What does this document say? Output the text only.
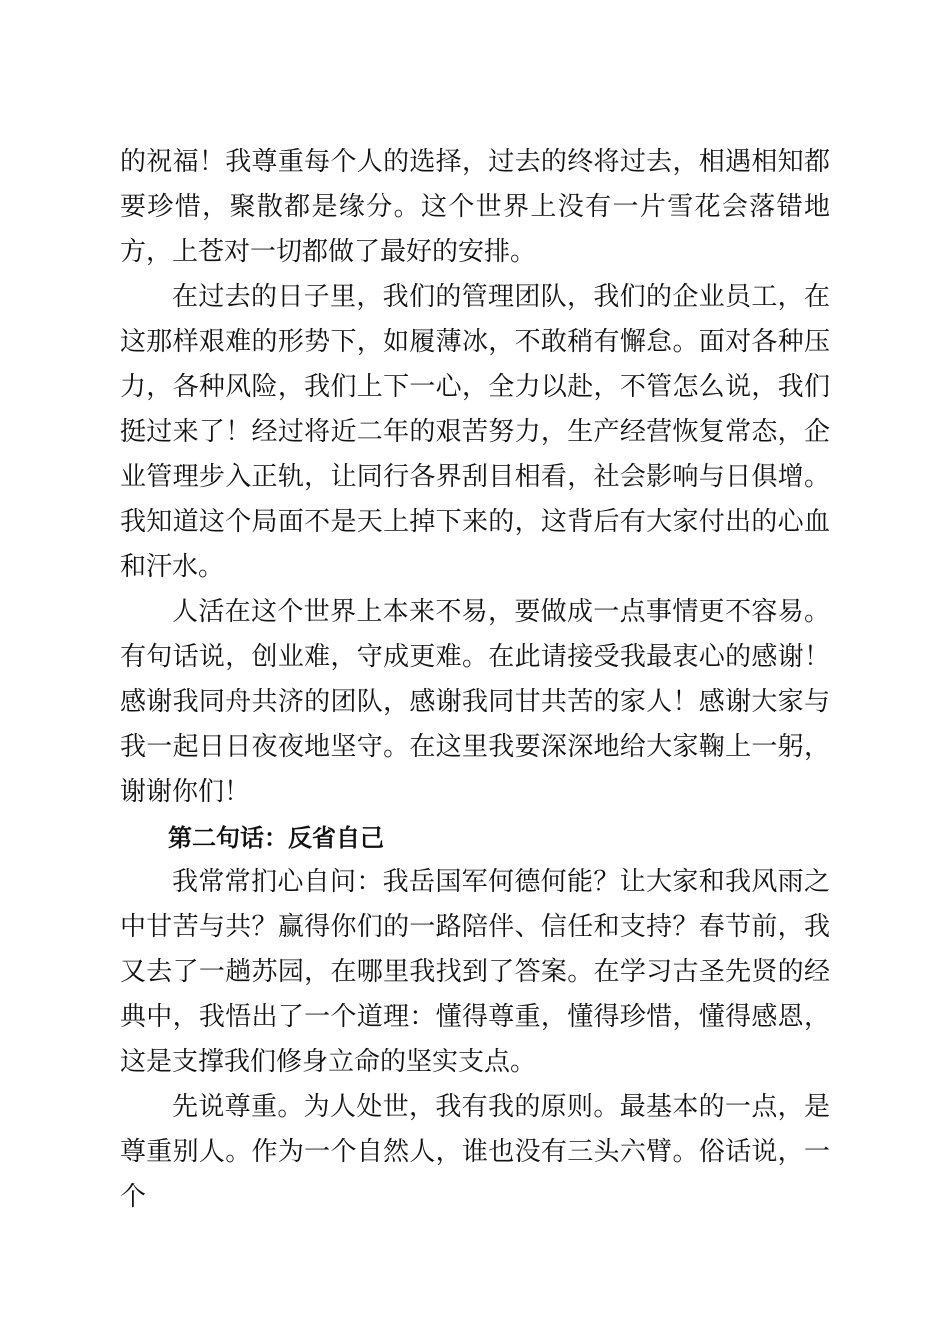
的祝福！我尊重每个人的选择，过去的终将过去，相遇相知都要珍惜，聚散都是缘分。这个世界上没有一片雪花会落错地方，上苍对一切都做了最好的安排。

在过去的日子里，我们的管理团队，我们的企业员工，在这那样艰难的形势下，如履薄冰，不敢稍有懈怠。面对各种压力，各种风险，我们上下一心，全力以赴，不管怎么说，我们挺过来了！经过将近二年的艰苦努力，生产经营恢复常态，企业管理步入正轨，让同行各界刮目相看，社会影响与日俱增。我知道这个局面不是天上掉下来的，这背后有大家付出的心血和汗水。

人活在这个世界上本来不易，要做成一点事情更不容易。有句话说，创业难，守成更难。在此请接受我最衷心的感谢！感谢我同舟共济的团队，感谢我同甘共苦的家人！感谢大家与我一起日日夜夜地坚守。在这里我要深深地给大家鞠上一躬，谢谢你们！

第二句话：反省自己

我常常扪心自问：我岳国军何德何能？让大家和我风雨之中甘苦与共？赢得你们的一路陪伴、信任和支持？春节前，我又去了一趟苏园，在哪里我找到了答案。在学习古圣先贤的经典中，我悟出了一个道理：懂得尊重，懂得珍惜，懂得感恩，这是支撑我们修身立命的坚实支点。

先说尊重。为人处世，我有我的原则。最基本的一点，是尊重别人。作为一个自然人，谁也没有三头六臂。俗话说，一个
